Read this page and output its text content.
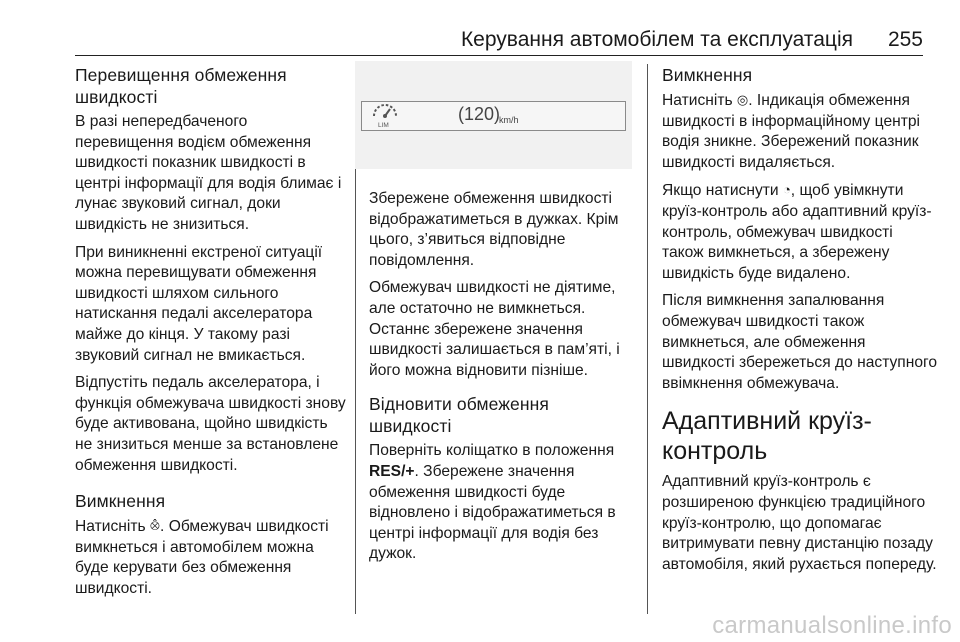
Керування автомобілем та експлуатація 255
Перевищення обмеження швидкості

В разі непередбаченого перевищення водієм обмеження швидкості показник швидкості в центрі інформації для водія блимає і лунає звуковий сигнал, доки швидкість не знизиться.

При виникненні екстреної ситуації можна перевищувати обмеження швидкості шляхом сильного натискання педалі акселератора майже до кінця. У такому разі звуковий сигнал не вмикається.

Відпустіть педаль акселератора, і функція обмежувача швидкості знову буде активована, щойно швидкість не знизиться менше за встановлене обмеження швидкості.

Вимкнення

Натисніть ⨶. Обмежувач швидкості вимкнеться і автомобілем можна буде керувати без обмеження швидкості.

LIM
(120)
km/h

Збережене обмеження швидкості відображатиметься в дужках. Крім цього, з’явиться відповідне повідомлення.

Обмежувач швидкості не діятиме, але остаточно не вимкнеться. Останнє збережене значення швидкості залишається в пам’яті, і його можна відновити пізніше.

Відновити обмеження швидкості

Поверніть коліщатко в положення RES/+. Збережене значення обмеження швидкості буде відновлено і відображатиметься в центрі інформації для водія без дужок.

Вимкнення

Натисніть ◎. Індикація обмеження швидкості в інформаційному центрі водія зникне. Збережений показник швидкості видаляється.

Якщо натиснути ◔, щоб увімкнути круїз-контроль або адаптивний круїз-контроль, обмежувач швидкості також вимкнеться, а збережену швидкість буде видалено.

Після вимкнення запалювання обмежувач швидкості також вимкнеться, але обмеження швидкості збережеться до наступного ввімкнення обмежувача.

Адаптивний круїз-контроль

Адаптивний круїз-контроль є розширеною функцією традиційного круїз-контролю, що допомагає витримувати певну дистанцію позаду автомобіля, який рухається попереду.

carmanualsonline.info
